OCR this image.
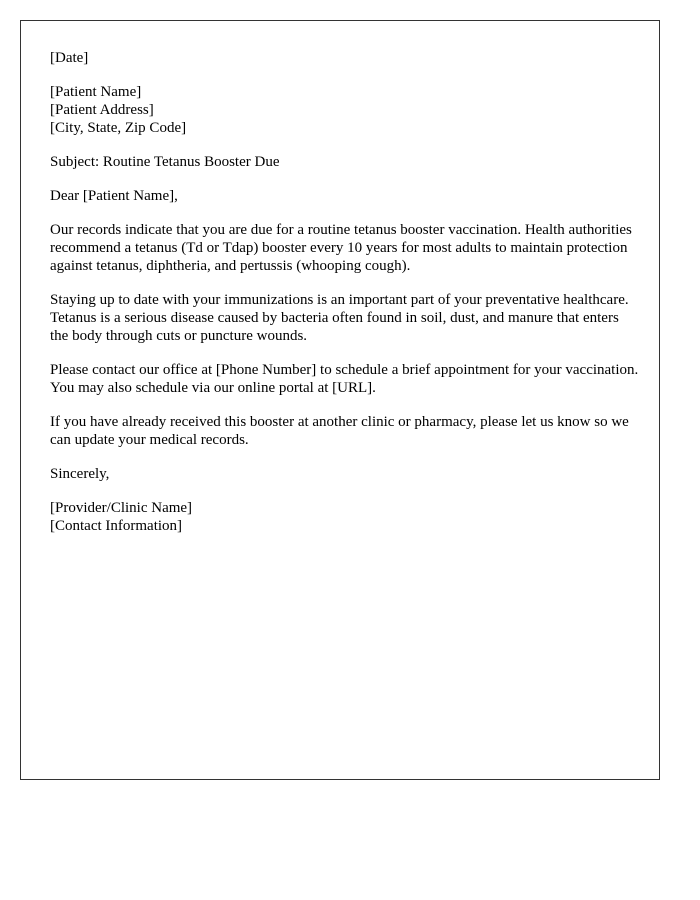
[Date]

[Patient Name]
[Patient Address]
[City, State, Zip Code]

Subject: Routine Tetanus Booster Due

Dear [Patient Name],

Our records indicate that you are due for a routine tetanus booster vaccination. Health authorities recommend a tetanus (Td or Tdap) booster every 10 years for most adults to maintain protection against tetanus, diphtheria, and pertussis (whooping cough).

Staying up to date with your immunizations is an important part of your preventative healthcare. Tetanus is a serious disease caused by bacteria often found in soil, dust, and manure that enters the body through cuts or puncture wounds.

Please contact our office at [Phone Number] to schedule a brief appointment for your vaccination. You may also schedule via our online portal at [URL].

If you have already received this booster at another clinic or pharmacy, please let us know so we can update your medical records.

Sincerely,

[Provider/Clinic Name]
[Contact Information]
